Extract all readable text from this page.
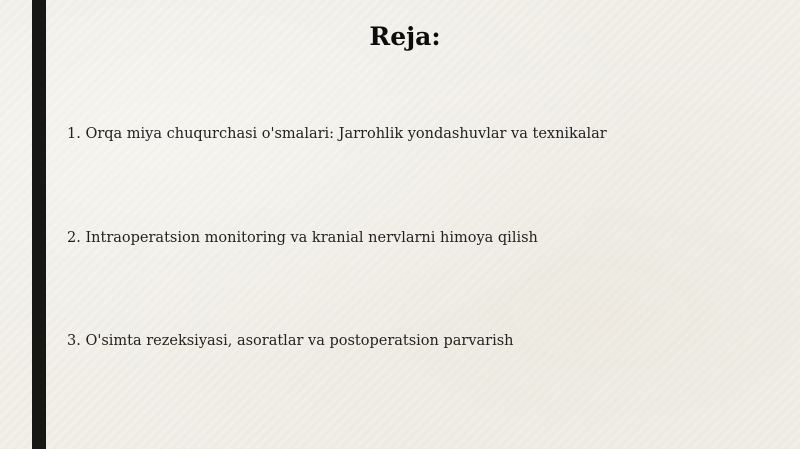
Reja:
1. Orqa miya chuqurchasi o'smalari: Jarrohlik yondashuvlar va texnikalar
2. Intraoperatsion monitoring va kranial nervlarni himoya qilish
3. O'simta rezeksiyasi, asoratlar va postoperatsion parvarish
